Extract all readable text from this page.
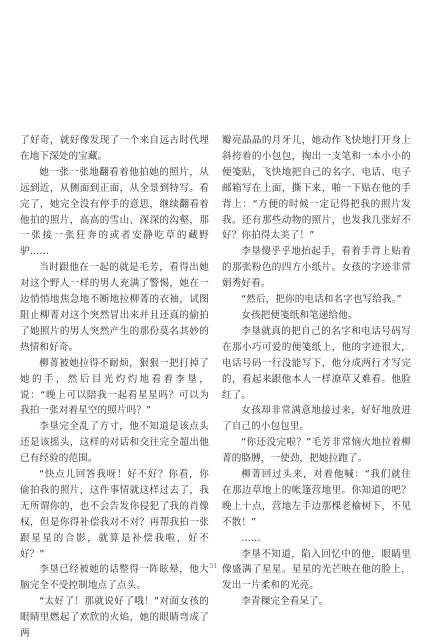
了好奇，就好像发现了一个来自远古时代埋在地下深处的宝藏。

她一张一张地翻看着他拍她的照片，从远到近，从侧面到正面，从全景到特写。看完了，她完全没有停手的意思，继续翻看着他拍的照片，高高的雪山、深深的沟壑，那一张接一张狂奔的或者安静吃草的藏野驴……

当时跟他在一起的就是毛芳，看得出她对这个野人一样的男人充满了警惕，她在一边悄悄地焦急地不断地拉柳菁的衣袖，试图阻止柳菁对这个突然冒出来并且还真的偷拍了她照片的男人突然产生的那份莫名其妙的热情和好奇。

柳菁被她拉得不耐烦，狠狠一把打掉了她的手，然后目光灼灼地看着李垦，说：“晚上可以陪我一起看星星吗？可以为我拍一张对着星空的照片吗？”

李垦完全乱了方寸，他不知道是该点头还是该摇头，这样的对话和交往完全超出他已有经验的范围。

“快点儿回答我呀！好不好？你看，你偷拍我的照片，这件事情就这样过去了，我无所谓你的，也不会告发你侵犯了我的肖像权，但是你得补偿我对不对？再帮我拍一张跟星星的合影，就算是补偿我啦，好不好？”

李垦已经被她的话整得一阵眩晕，他大脑完全不受控制地点了点头。

“太好了！那就说好了哦！”对面女孩的眼睛里燃起了欢欣的火焰，她的眼睛弯成了两

瓣亮晶晶的月牙儿，她动作飞快地打开身上斜挎着的小包包，掏出一支笔和一本小小的便笺贴，飞快地把自己的名字、电话、电子邮箱写在上面，撕下来，啪一下贴在他的手背上：“方便的时候一定记得把我的照片发我。还有那些动物的照片，也发我几张好不好？你拍得太美了！”

李垦傻乎乎地抬起手，看着手背上贴着的那张粉色的四方小纸片。女孩的字迹非常娟秀好看。

“然后，把你的电话和名字也写给我。”

女孩把便笺纸和笔递给他。

李垦就真的把自己的名字和电话号码写在那小巧可爱的便笺纸上，他的字迹很大，电话号码一行没能写下，他分成两行才写完的，看起来跟他本人一样潦草又难看。他脸红了。

女孩却非常满意地接过来，好好地放进了自己的小包包里。

“你还没完啦？”毛芳非常恼火地拉着柳菁的胳膊，一使劲，把她拉跑了。

柳菁回过头来，对着他喊：“我们就住在那边草地上的帐篷营地里。你知道的吧？晚上十点，营地左手边那棵老榆树下，不见不散！”

……

李垦不知道，陷入回忆中的他，眼睛里像盛满了星星。星星的光芒映在他的脸上，发出一片柔和的光亮。

李青稞完全看呆了。

51
